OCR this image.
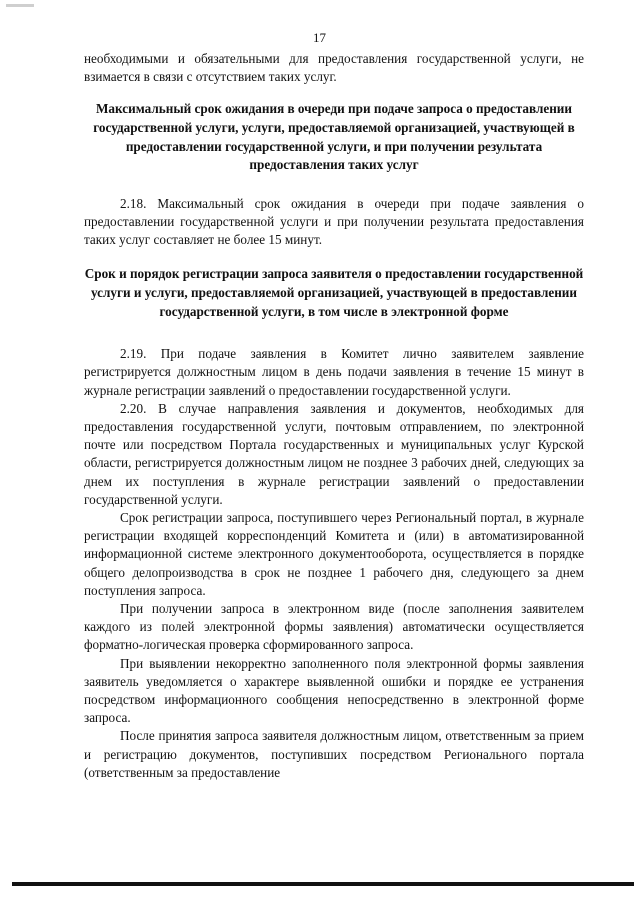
17

необходимыми и обязательными для предоставления государственной услуги, не взимается в связи с отсутствием таких услуг.

Максимальный срок ожидания в очереди при подаче запроса о предоставлении государственной услуги, услуги, предоставляемой организацией, участвующей в предоставлении государственной услуги, и при получении результата предоставления таких услуг

2.18. Максимальный срок ожидания в очереди при подаче заявления о предоставлении государственной услуги и при получении результата предоставления таких услуг составляет не более 15 минут.

Срок и порядок регистрации запроса заявителя о предоставлении государственной услуги и услуги, предоставляемой организацией, участвующей в предоставлении государственной услуги, в том числе в электронной форме

2.19. При подаче заявления в Комитет лично заявителем заявление регистрируется должностным лицом в день подачи заявления в течение 15 минут в журнале регистрации заявлений о предоставлении государственной услуги.

2.20. В случае направления заявления и документов, необходимых для предоставления государственной услуги, почтовым отправлением, по электронной почте или посредством Портала государственных и муниципальных услуг Курской области, регистрируется должностным лицом не позднее 3 рабочих дней, следующих за днем их поступления в журнале регистрации заявлений о предоставлении государственной услуги.

Срок регистрации запроса, поступившего через Региональный портал, в журнале регистрации входящей корреспонденций Комитета и (или) в автоматизированной информационной системе электронного документооборота, осуществляется в порядке общего делопроизводства в срок не позднее 1 рабочего дня, следующего за днем поступления запроса.

При получении запроса в электронном виде (после заполнения заявителем каждого из полей электронной формы заявления) автоматически осуществляется форматно-логическая проверка сформированного запроса.

При выявлении некорректно заполненного поля электронной формы заявления заявитель уведомляется о характере выявленной ошибки и порядке ее устранения посредством информационного сообщения непосредственно в электронной форме запроса.

После принятия запроса заявителя должностным лицом, ответственным за прием и регистрацию документов, поступивших посредством Регионального портала (ответственным за предоставление
